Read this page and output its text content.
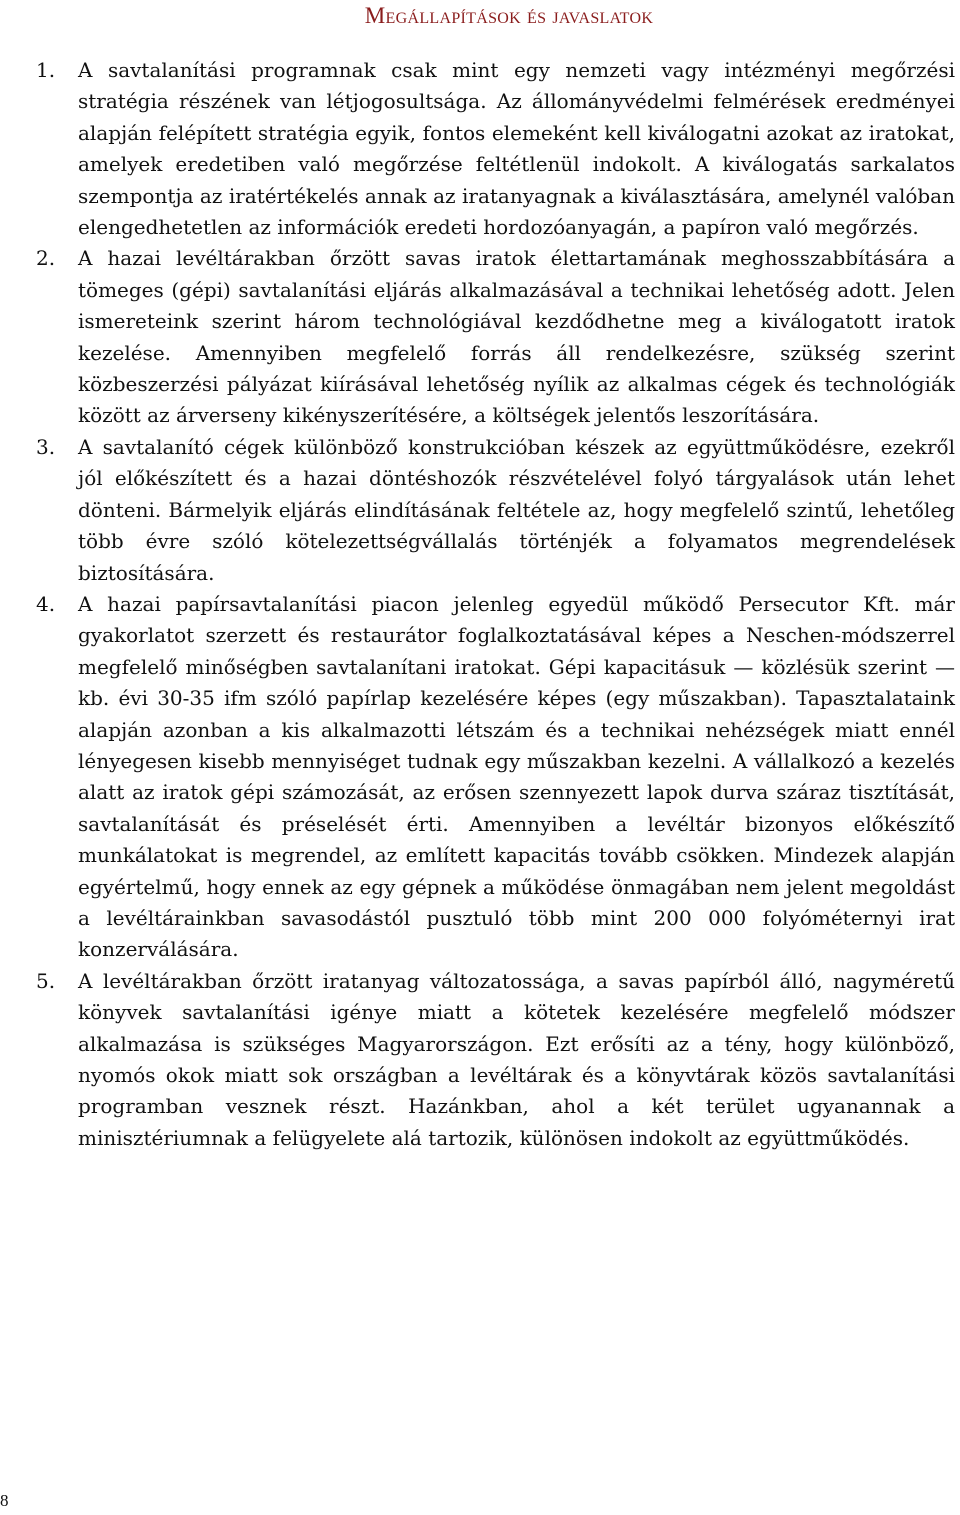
Megállapítások és javaslatok
1. A savtalanítási programnak csak mint egy nemzeti vagy intézményi megőrzési stratégia részének van létjogosultsága. Az állományvédelmi felmérések eredményei alapján felépített stratégia egyik, fontos elemeként kell kiválogatni azokat az iratokat, amelyek eredetiben való megőrzése feltétlenül indokolt. A kiválogatás sarkalatos szempontja az iratértékelés annak az iratanyagnak a kiválasztására, amelynél valóban elengedhetetlen az információk eredeti hordozóanyagán, a papíron való megőrzés.
2. A hazai levéltárakban őrzött savas iratok élettartamának meghosszabbítására a tömeges (gépi) savtalanítási eljárás alkalmazásával a technikai lehetőség adott. Jelen ismereteink szerint három technológiával kezdődhetne meg a kiválogatott iratok kezelése. Amennyiben megfelelő forrás áll rendelkezésre, szükség szerint közbeszerzési pályázat kiírásával lehetőség nyílik az alkalmas cégek és technológiák között az árverseny kikényszerítésére, a költségek jelentős leszorítására.
3. A savtalanító cégek különböző konstrukcióban készek az együttműködésre, ezekről jól előkészített és a hazai döntéshozók részvételével folyó tárgyalások után lehet dönteni. Bármelyik eljárás elindításának feltétele az, hogy megfelelő szintű, lehetőleg több évre szóló kötelezettségvállalás történjék a folyamatos megrendelések biztosítására.
4. A hazai papírsavtalanítási piacon jelenleg egyedül működő Persecutor Kft. már gyakorlatot szerzett és restaurátor foglalkoztatásával képes a Neschen-módszerrel megfelelő minőségben savtalanítani iratokat. Gépi kapacitásuk — közlésük szerint — kb. évi 30-35 ifm szóló papírlap kezelésére képes (egy műszakban). Tapasztalataink alapján azonban a kis alkalmazotti létszám és a technikai nehézségek miatt ennél lényegesen kisebb mennyiséget tudnak egy műszakban kezelni. A vállalkozó a kezelés alatt az iratok gépi számozását, az erősen szennyezett lapok durva száraz tisztítását, savtalanítását és préselését érti. Amennyiben a levéltár bizonyos előkészítő munkálatokat is megrendel, az említett kapacitás tovább csökken. Mindezek alapján egyértelmű, hogy ennek az egy gépnek a működése önmagában nem jelent megoldást a levéltárainkban savasodástól pusztuló több mint 200 000 folyóméternyi irat konzerválására.
5. A levéltárakban őrzött iratanyag változatossága, a savas papírból álló, nagyméretű könyvek savtalanítási igénye miatt a kötetek kezelésére megfelelő módszer alkalmazása is szükséges Magyarországon. Ezt erősíti az a tény, hogy különböző, nyomós okok miatt sok országban a levéltárak és a könyvtárak közös savtalanítási programban vesznek részt. Hazánkban, ahol a két terület ugyanannak a minisztériumnak a felügyelete alá tartozik, különösen indokolt az együttműködés.
8
